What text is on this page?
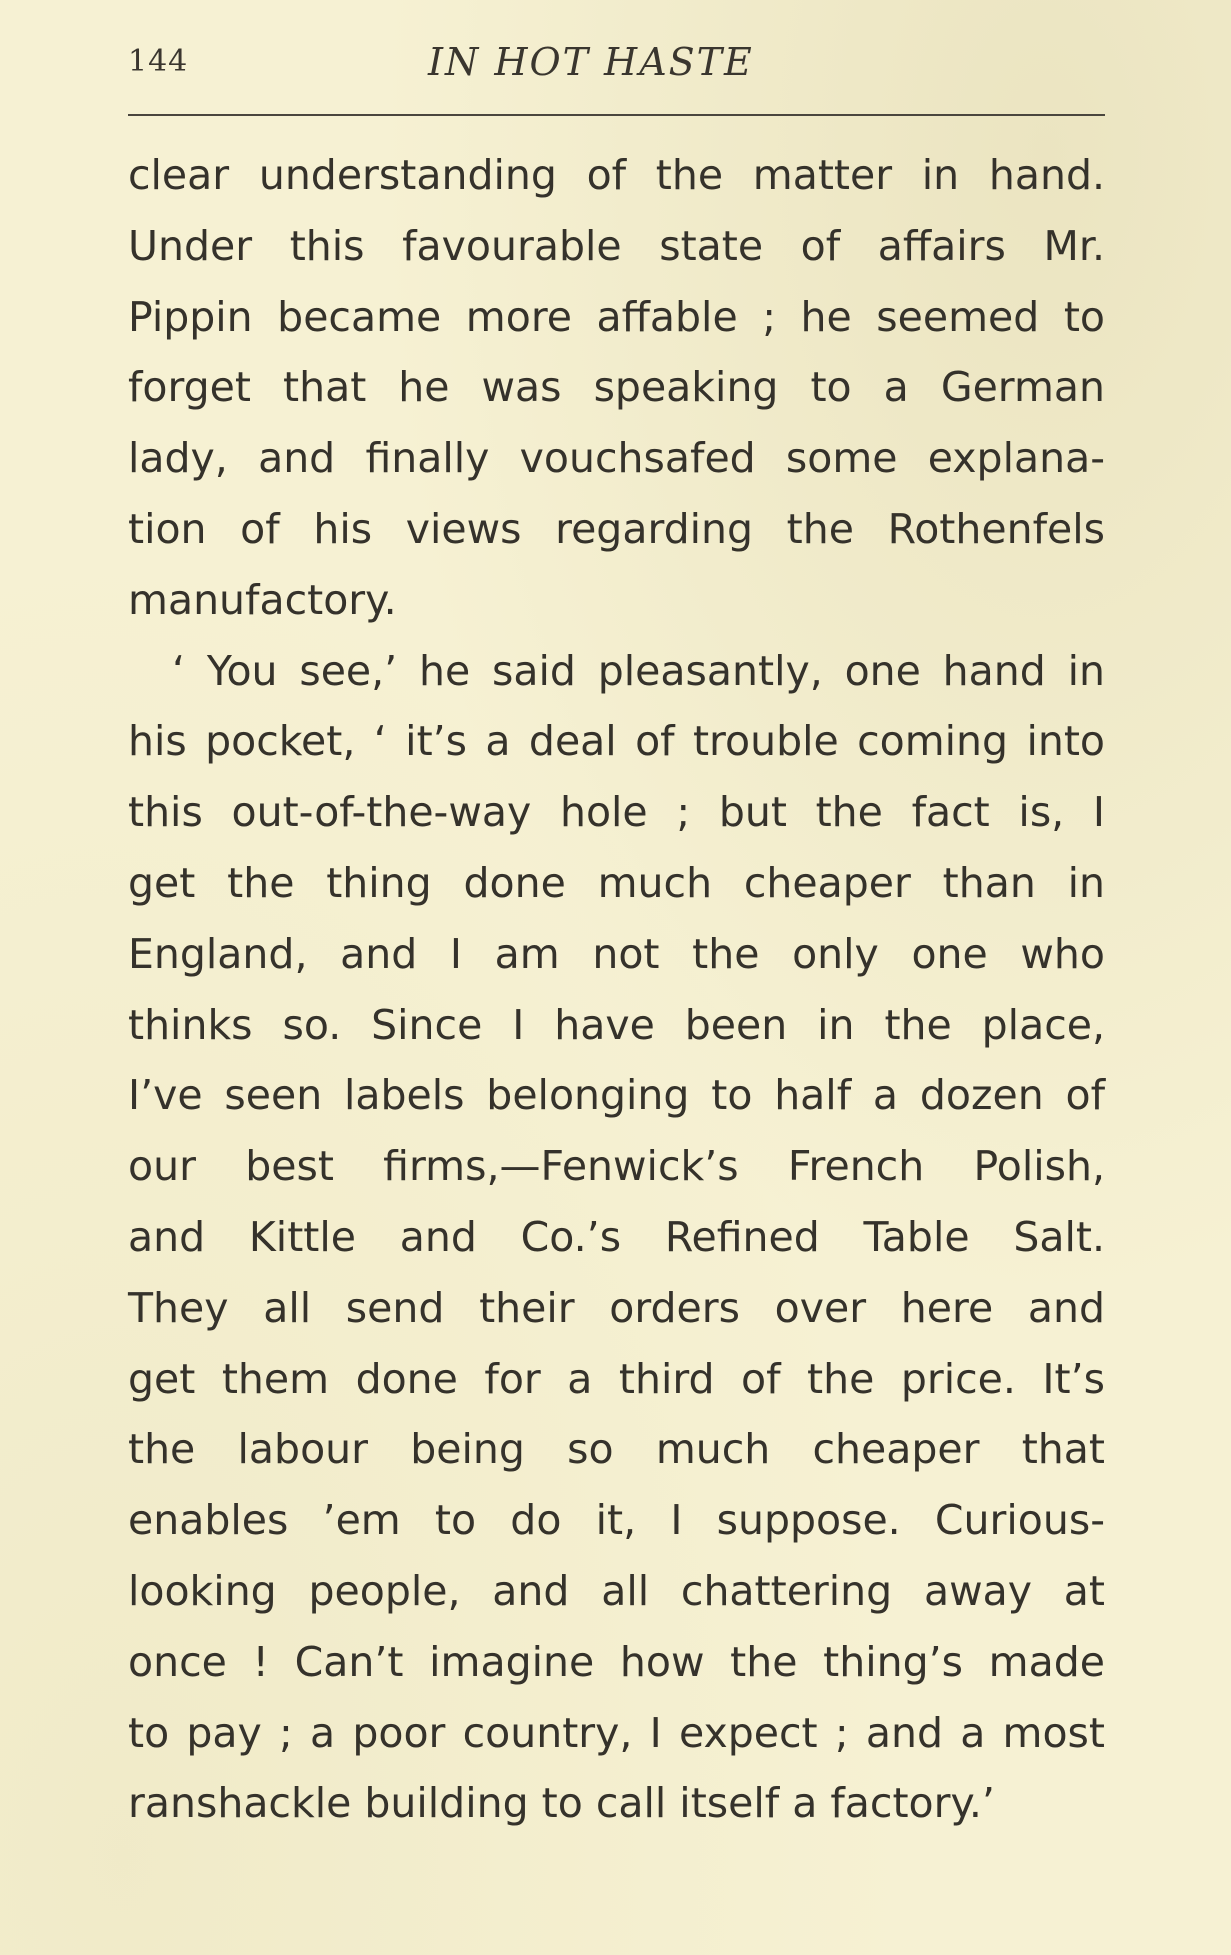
144	IN HOT HASTE
clear understanding of the matter in hand.
Under this favourable state of affairs Mr.
Pippin became more affable ; he seemed to
forget that he was speaking to a German
lady, and finally vouchsafed some explana-
tion of his views regarding the Rothenfels
manufactory.
‘ You see,’ he said pleasantly, one hand in
his pocket, ‘ it’s a deal of trouble coming into
this out-of-the-way hole ; but the fact is, I
get the thing done much cheaper than in
England, and I am not the only one who
thinks so. Since I have been in the place,
I’ve seen labels belonging to half a dozen of
our best firms,—Fenwick’s French Polish,
and Kittle and Co.’s Refined Table Salt.
They all send their orders over here and
get them done for a third of the price. It’s
the labour being so much cheaper that
enables ’em to do it, I suppose. Curious-
looking people, and all chattering away at
once ! Can’t imagine how the thing’s made
to pay ; a poor country, I expect ; and a most
ranshackle building to call itself a factory.’
